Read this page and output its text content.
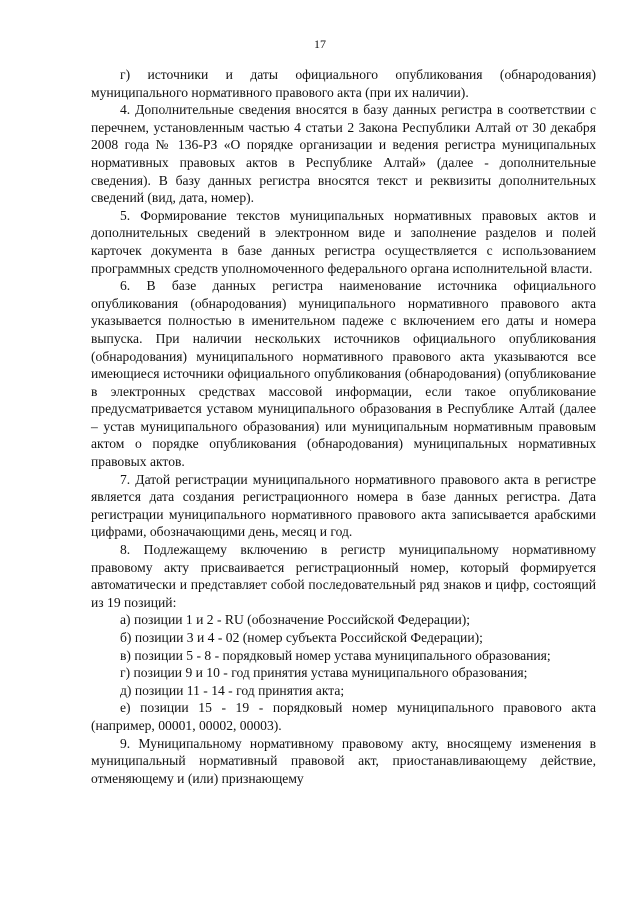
17

г) источники и даты официального опубликования (обнародования) муниципального нормативного правового акта (при их наличии).

4. Дополнительные сведения вносятся в базу данных регистра в соответствии с перечнем, установленным частью 4 статьи 2 Закона Республики Алтай от 30 декабря 2008 года № 136-РЗ «О порядке организации и ведения регистра муниципальных нормативных правовых актов в Республике Алтай» (далее - дополнительные сведения). В базу данных регистра вносятся текст и реквизиты дополнительных сведений (вид, дата, номер).

5. Формирование текстов муниципальных нормативных правовых актов и дополнительных сведений в электронном виде и заполнение разделов и полей карточек документа в базе данных регистра осуществляется с использованием программных средств уполномоченного федерального органа исполнительной власти.

6. В базе данных регистра наименование источника официального опубликования (обнародования) муниципального нормативного правового акта указывается полностью в именительном падеже с включением его даты и номера выпуска. При наличии нескольких источников официального опубликования (обнародования) муниципального нормативного правового акта указываются все имеющиеся источники официального опубликования (обнародования) (опубликование в электронных средствах массовой информации, если такое опубликование предусматривается уставом муниципального образования в Республике Алтай (далее – устав муниципального образования) или муниципальным нормативным правовым актом о порядке опубликования (обнародования) муниципальных нормативных правовых актов.

7. Датой регистрации муниципального нормативного правового акта в регистре является дата создания регистрационного номера в базе данных регистра. Дата регистрации муниципального нормативного правового акта записывается арабскими цифрами, обозначающими день, месяц и год.

8. Подлежащему включению в регистр муниципальному нормативному правовому акту присваивается регистрационный номер, который формируется автоматически и представляет собой последовательный ряд знаков и цифр, состоящий из 19 позиций:

а) позиции 1 и 2 - RU (обозначение Российской Федерации);

б) позиции 3 и 4 - 02 (номер субъекта Российской Федерации);

в) позиции 5 - 8 - порядковый номер устава муниципального образования;

г) позиции 9 и 10 - год принятия устава муниципального образования;

д) позиции 11 - 14 - год принятия акта;

е) позиции 15 - 19 - порядковый номер муниципального правового акта (например, 00001, 00002, 00003).

9. Муниципальному нормативному правовому акту, вносящему изменения в муниципальный нормативный правовой акт, приостанавливающему действие, отменяющему и (или) признающему
